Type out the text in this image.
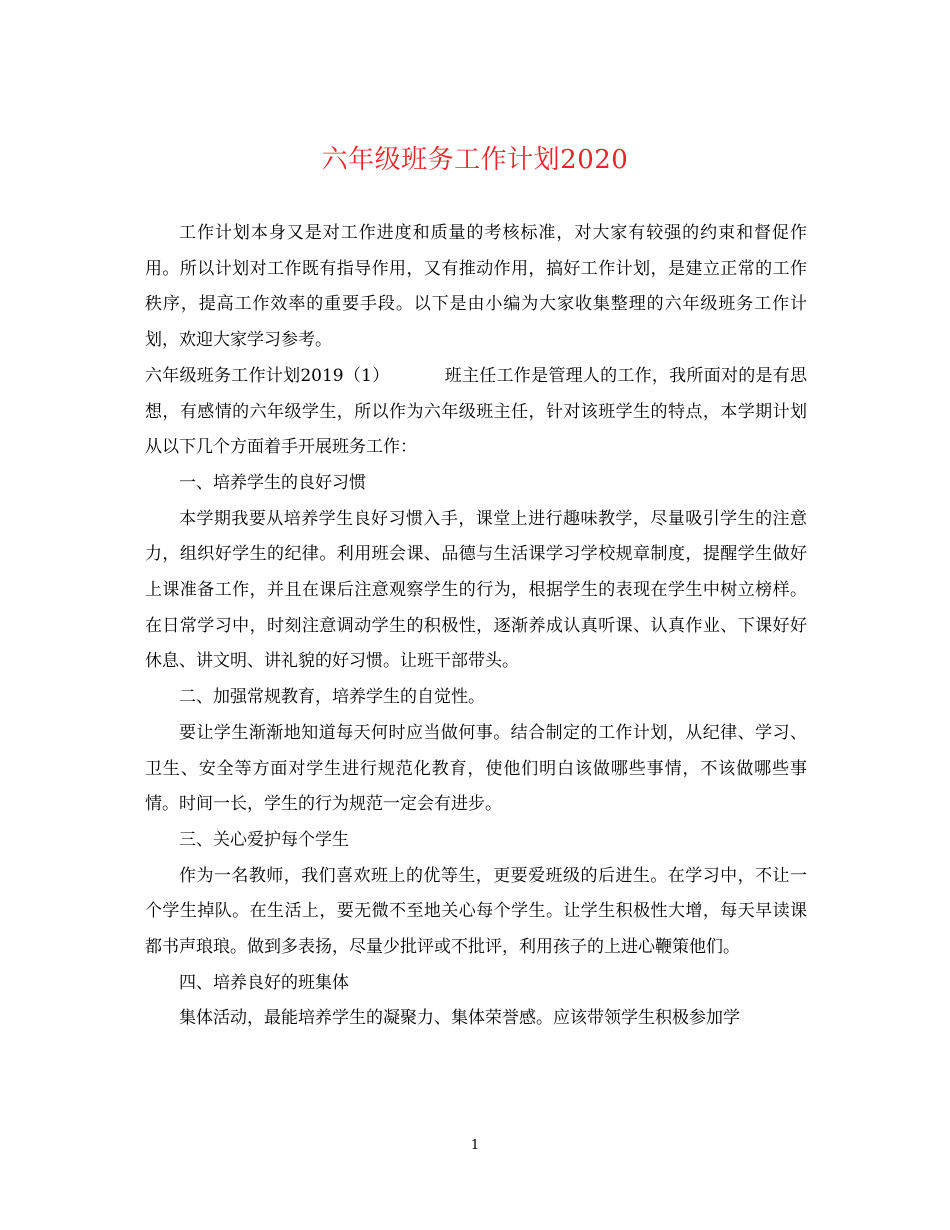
六年级班务工作计划2020

工作计划本身又是对工作进度和质量的考核标准，对大家有较强的约束和督促作用。所以计划对工作既有指导作用，又有推动作用，搞好工作计划，是建立正常的工作秩序，提高工作效率的重要手段。以下是由小编为大家收集整理的六年级班务工作计划，欢迎大家学习参考。

六年级班务工作计划2019（1）	班主任工作是管理人的工作，我所面对的是有思想，有感情的六年级学生，所以作为六年级班主任，针对该班学生的特点，本学期计划从以下几个方面着手开展班务工作：

一、培养学生的良好习惯

本学期我要从培养学生良好习惯入手，课堂上进行趣味教学，尽量吸引学生的注意力，组织好学生的纪律。利用班会课、品德与生活课学习学校规章制度，提醒学生做好上课准备工作，并且在课后注意观察学生的行为，根据学生的表现在学生中树立榜样。在日常学习中，时刻注意调动学生的积极性，逐渐养成认真听课、认真作业、下课好好休息、讲文明、讲礼貌的好习惯。让班干部带头。

二、加强常规教育，培养学生的自觉性。

要让学生渐渐地知道每天何时应当做何事。结合制定的工作计划，从纪律、学习、卫生、安全等方面对学生进行规范化教育，使他们明白该做哪些事情，不该做哪些事情。时间一长，学生的行为规范一定会有进步。

三、关心爱护每个学生

作为一名教师，我们喜欢班上的优等生，更要爱班级的后进生。在学习中，不让一个学生掉队。在生活上，要无微不至地关心每个学生。让学生积极性大增，每天早读课都书声琅琅。做到多表扬，尽量少批评或不批评，利用孩子的上进心鞭策他们。

四、培养良好的班集体

集体活动，最能培养学生的凝聚力、集体荣誉感。应该带领学生积极参加学

1
